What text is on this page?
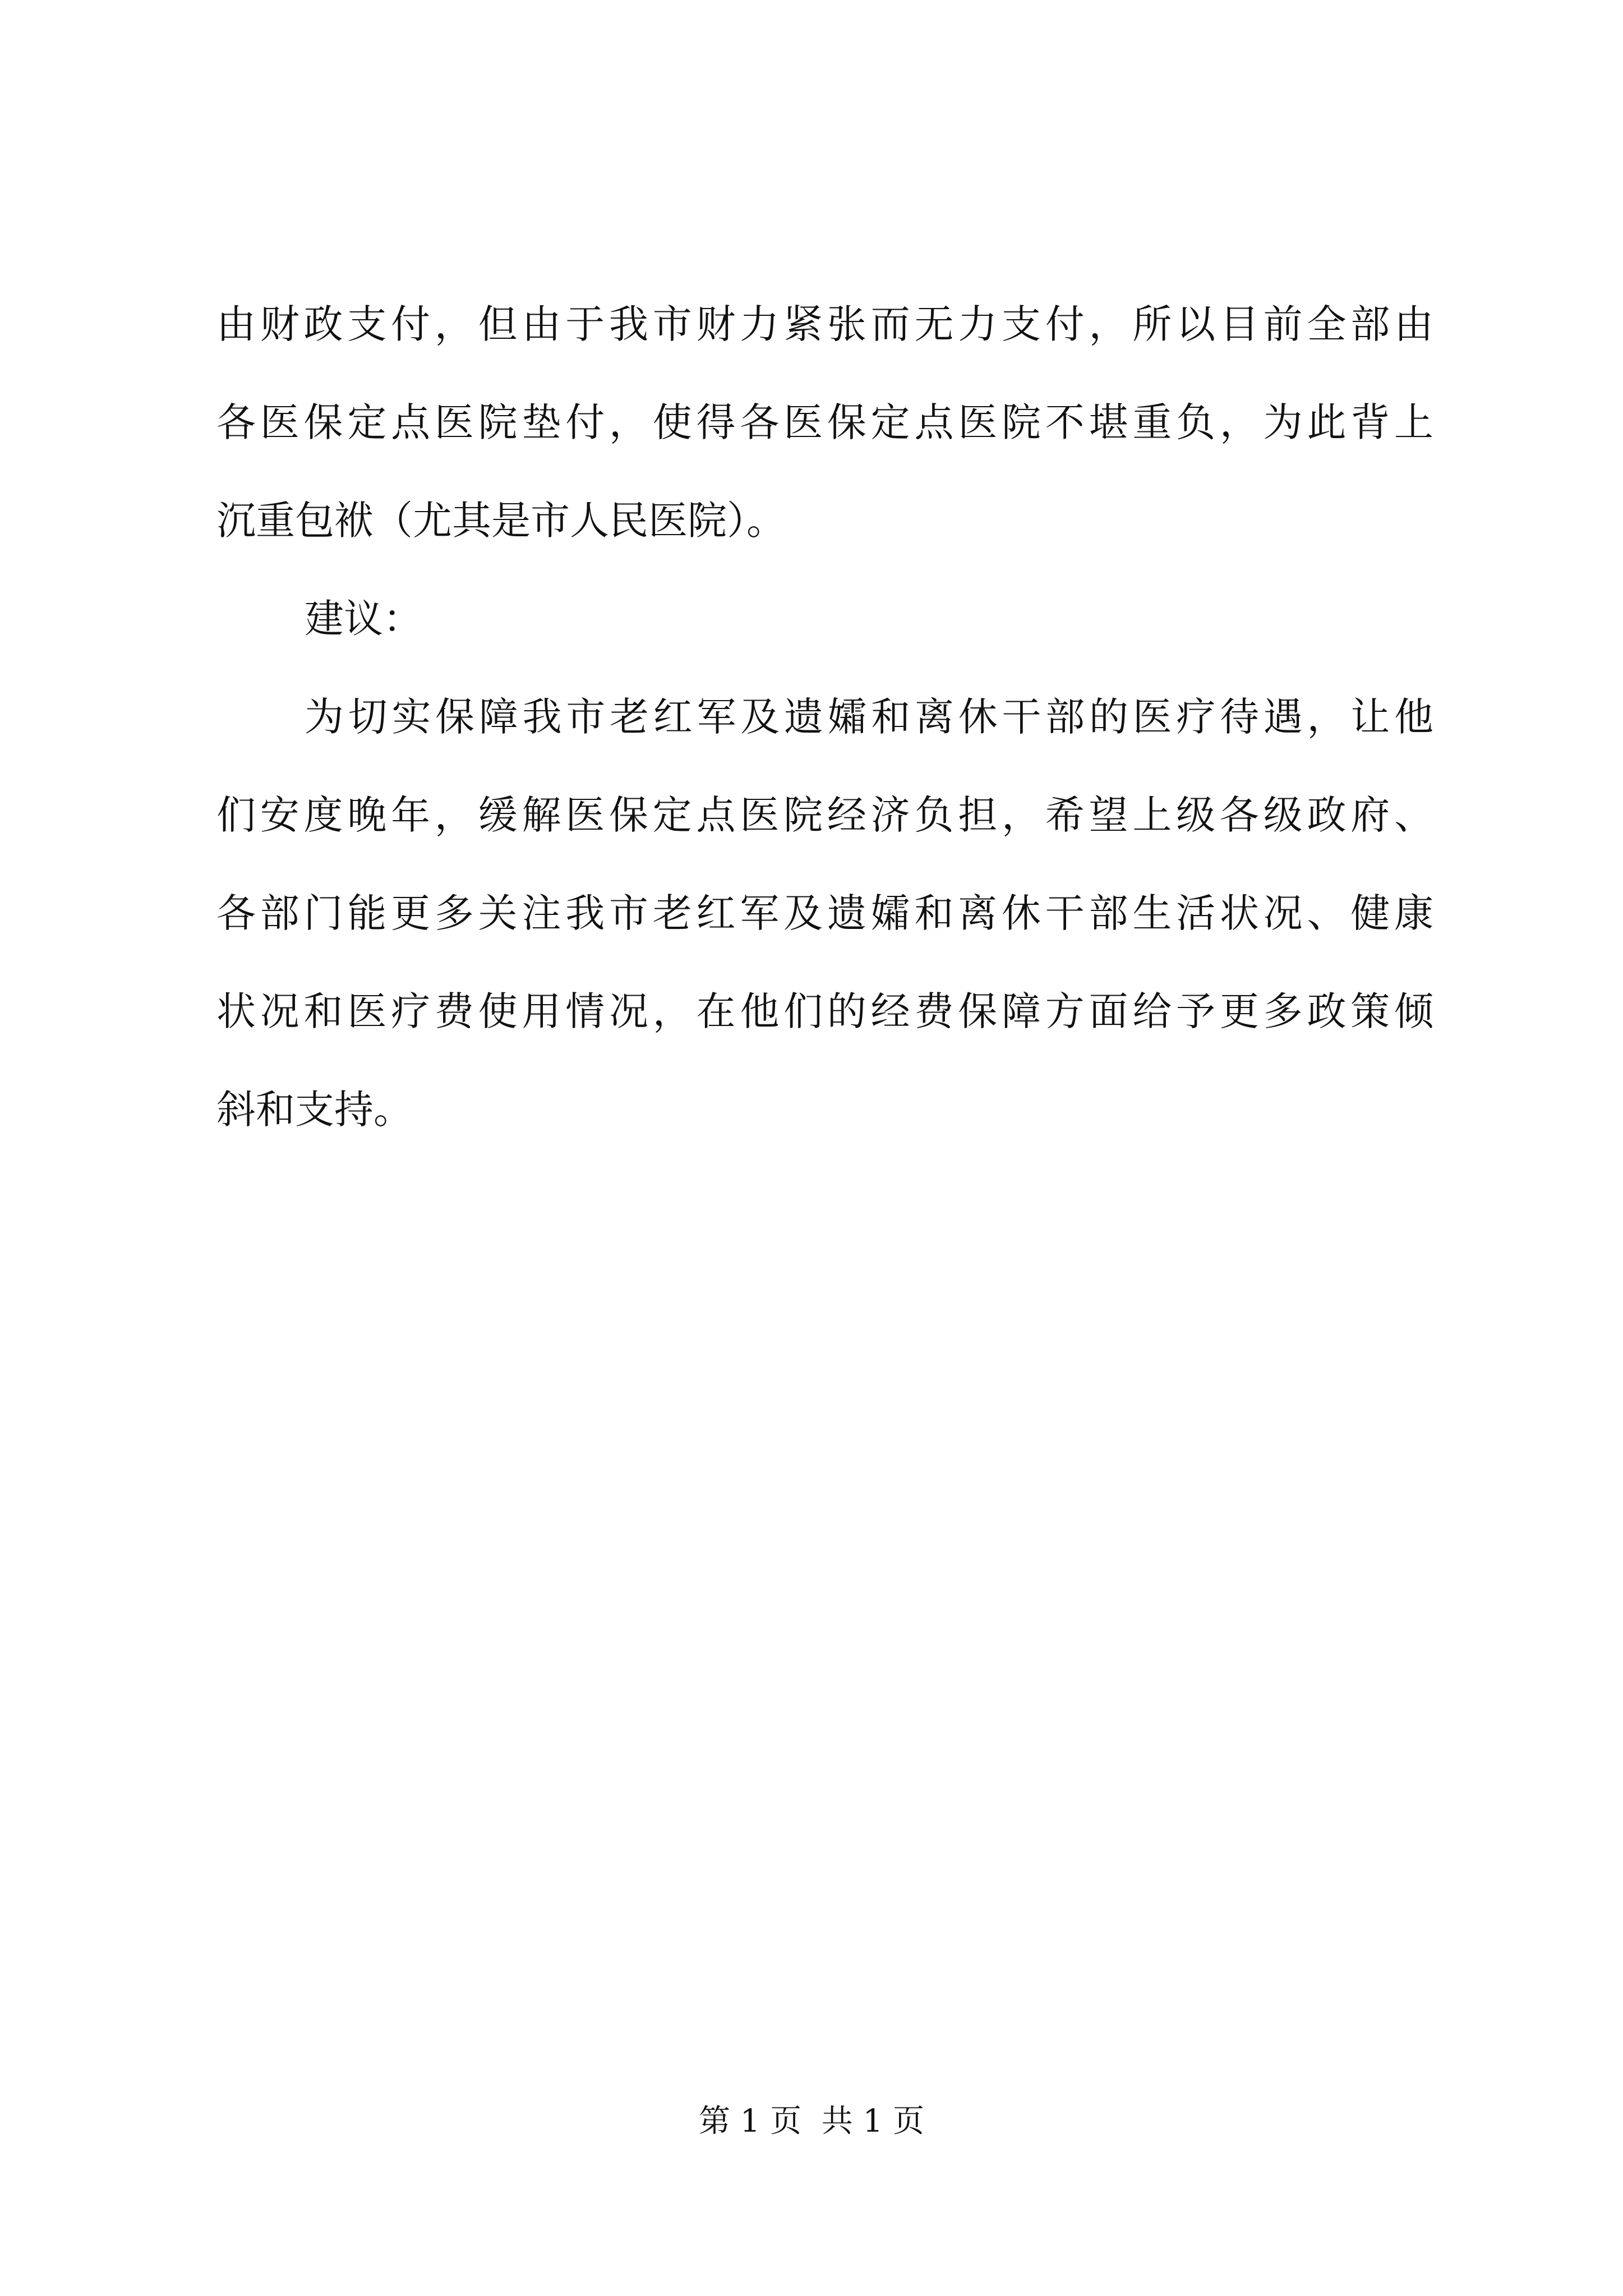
由财政支付，但由于我市财力紧张而无力支付，所以目前全部由
各医保定点医院垫付，使得各医保定点医院不堪重负，为此背上
沉重包袱（尤其是市人民医院）。
建议：
为切实保障我市老红军及遗孀和离休干部的医疗待遇，让他
们安度晚年，缓解医保定点医院经济负担，希望上级各级政府、
各部门能更多关注我市老红军及遗孀和离休干部生活状况、健康
状况和医疗费使用情况，在他们的经费保障方面给予更多政策倾
斜和支持。
第 1 页  共 1 页
